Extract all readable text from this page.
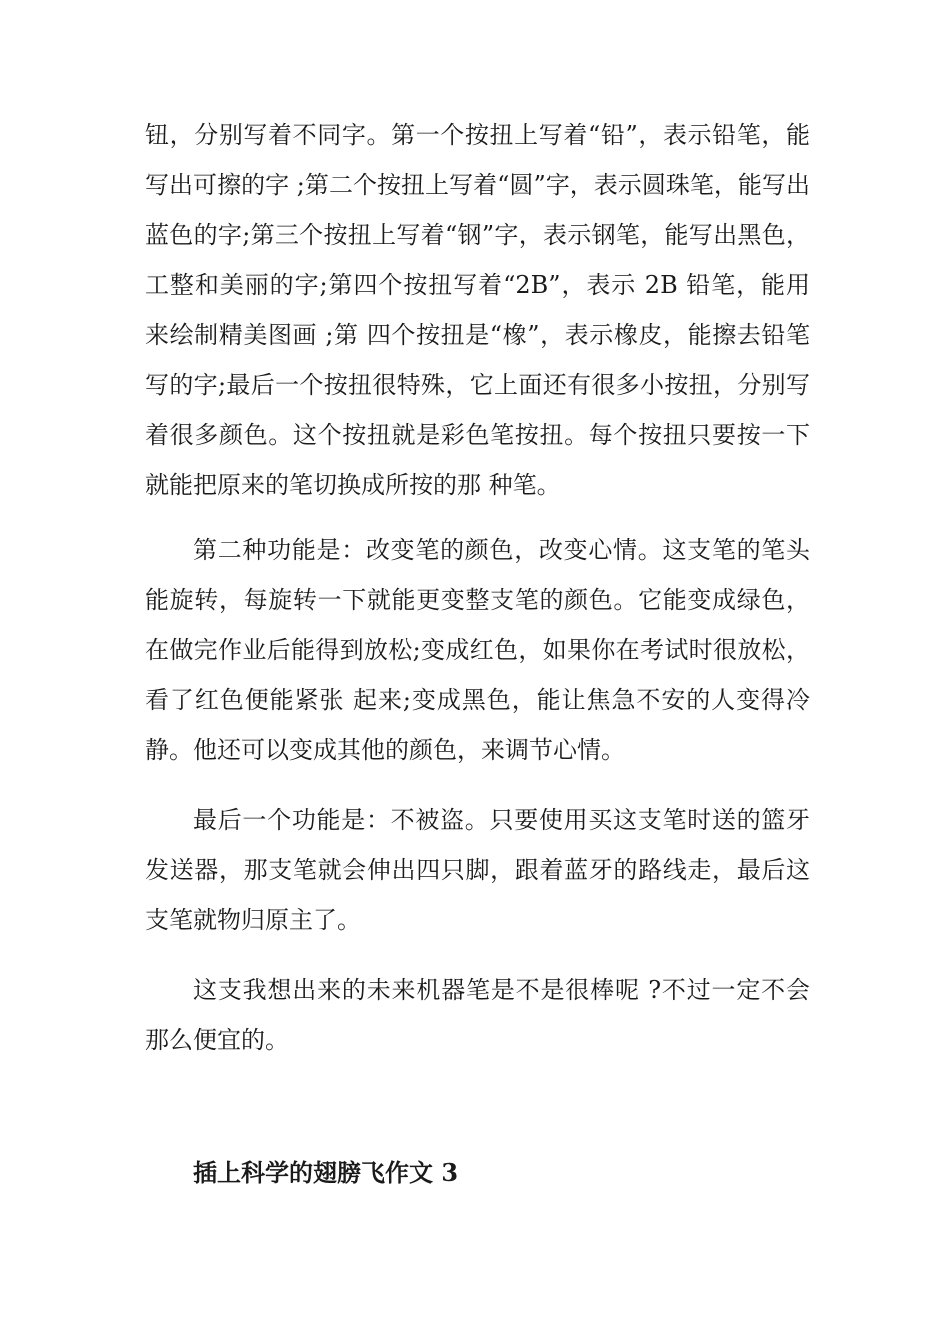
钮，分别写着不同字。第一个按扭上写着“铅”，表示铅笔，能写出可擦的字 ;第二个按扭上写着“圆”字，表示圆珠笔，能写出蓝色的字;第三个按扭上写着“钢”字，表示钢笔，能写出黑色，工整和美丽的字;第四个按扭写着“2B”，表示 2B 铅笔，能用来绘制精美图画 ;第 四个按扭是“橡”，表示橡皮，能擦去铅笔写的字;最后一个按扭很特殊，它上面还有很多小按扭，分别写着很多颜色。这个按扭就是彩色笔按扭。每个按扭只要按一下就能把原来的笔切换成所按的那 种笔。

第二种功能是：改变笔的颜色，改变心情。这支笔的笔头能旋转，每旋转一下就能更变整支笔的颜色。它能变成绿色，在做完作业后能得到放松;变成红色，如果你在考试时很放松，看了红色便能紧张 起来;变成黑色，能让焦急不安的人变得冷静。他还可以变成其他的颜色，来调节心情。

最后一个功能是：不被盗。只要使用买这支笔时送的篮牙发送器，那支笔就会伸出四只脚，跟着蓝牙的路线走，最后这支笔就物归原主了。

这支我想出来的未来机器笔是不是很棒呢 ?不过一定不会那么便宜的。

插上科学的翅膀飞作文 3
